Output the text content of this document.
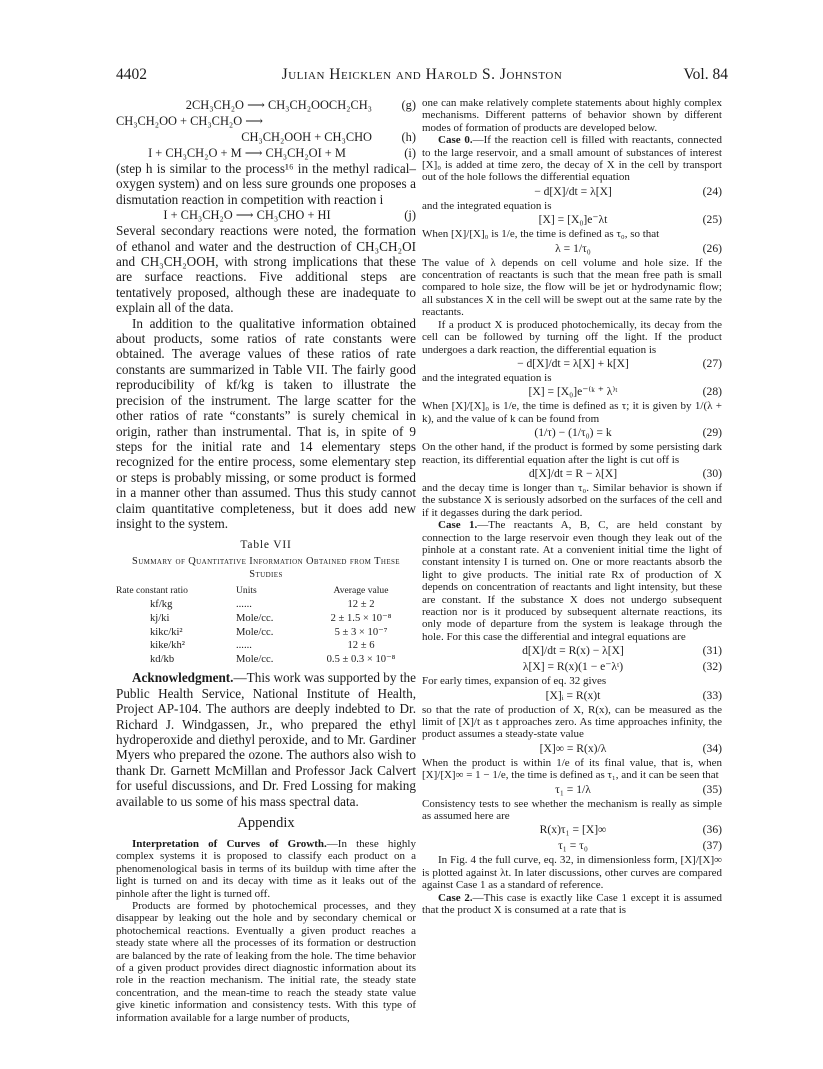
4402	Julian Heicklen and Harold S. Johnston	Vol. 84
2CH₃CH₂O ⟶ CH₃CH₂OOCH₂CH₃	(g)
CH₃CH₂OO + CH₃CH₂O ⟶
CH₃CH₂OOH + CH₃CHO	(h)
I + CH₃CH₂O + M ⟶ CH₃CH₂OI + M	(i)

(step h is similar to the process¹⁶ in the methyl radical–oxygen system) and on less sure grounds one proposes a dismutation reaction in competition with reaction i

I + CH₃CH₂O ⟶ CH₃CHO + HI	(j)

Several secondary reactions were noted, the formation of ethanol and water and the destruction of CH₃CH₂OI and CH₃CH₂OOH, with strong implications that these are surface reactions. Five additional steps are tentatively proposed, although these are inadequate to explain all of the data.

In addition to the qualitative information obtained about products, some ratios of rate constants were obtained. The average values of these ratios of rate constants are summarized in Table VII. The fairly good reproducibility of kf/kg is taken to illustrate the precision of the instrument. The large scatter for the other ratios of rate “constants” is surely chemical in origin, rather than instrumental. That is, in spite of 9 steps for the initial rate and 14 elementary steps recognized for the entire process, some elementary step or steps is probably missing, or some product is formed in a manner other than assumed. Thus this study cannot claim quantitative completeness, but it does add new insight to the system.

Table VII
Summary of Quantitative Information Obtained from These Studies
Rate constant ratio	Units	Average value
kf/kg	......	12 ± 2
kj/ki	Mole/cc.	2 ± 1.5 × 10⁻⁸
kikc/ki²	Mole/cc.	5 ± 3 × 10⁻⁷
kike/kh²	......	12 ± 6
kd/kb	Mole/cc.	0.5 ± 0.3 × 10⁻⁸

Acknowledgment.—This work was supported by the Public Health Service, National Institute of Health, Project AP-104. The authors are deeply indebted to Dr. Richard J. Windgassen, Jr., who prepared the ethyl hydroperoxide and diethyl peroxide, and to Mr. Gardiner Myers who prepared the ozone. The authors also wish to thank Dr. Garnett McMillan and Professor Jack Calvert for useful discussions, and Dr. Fred Lossing for making available to us some of his mass spectral data.

Appendix

Interpretation of Curves of Growth.—In these highly complex systems it is proposed to classify each product on a phenomenological basis in terms of its buildup with time after the light is turned on and its decay with time as it leaks out of the pinhole after the light is turned off.

Products are formed by photochemical processes, and they disappear by leaking out the hole and by secondary chemical or photochemical reactions. Eventually a given product reaches a steady state where all the processes of its formation or destruction are balanced by the rate of leaking from the hole. The time behavior of a given product provides direct diagnostic information about its role in the reaction mechanism. The initial rate, the steady state concentration, and the mean-time to reach the steady state value give kinetic information and consistency tests. With this type of information available for a large number of products,

one can make relatively complete statements about highly complex mechanisms. Different patterns of behavior shown by different modes of formation of products are developed below.

Case 0.—If the reaction cell is filled with reactants, connected to the large reservoir, and a small amount of substances of interest [X]₀ is added at time zero, the decay of X in the cell by transport out of the hole follows the differential equation

− d[X]/dt = λ[X]	(24)

and the integrated equation is

[X] = [X₀]e⁻λt	(25)

When [X]/[X]₀ is 1/e, the time is defined as τ₀, so that

λ = 1/τ₀	(26)

The value of λ depends on cell volume and hole size. If the concentration of reactants is such that the mean free path is small compared to hole size, the flow will be jet or hydrodynamic flow; all substances X in the cell will be swept out at the same rate by the reactants.

If a product X is produced photochemically, its decay from the cell can be followed by turning off the light. If the product undergoes a dark reaction, the differential equation is

− d[X]/dt = λ[X] + k[X]	(27)

and the integrated equation is

[X] = [X₀]e⁻⁽ᵏ ⁺ λ⁾ᵗ	(28)

When [X]/[X]₀ is 1/e, the time is defined as τ; it is given by 1/(λ + k), and the value of k can be found from

(1/τ) − (1/τ₀) = k	(29)

On the other hand, if the product is formed by some persisting dark reaction, its differential equation after the light is cut off is

d[X]/dt = R − λ[X]	(30)

and the decay time is longer than τ₀. Similar behavior is shown if the substance X is seriously adsorbed on the surfaces of the cell and if it degasses during the dark period.

Case 1.—The reactants A, B, C, are held constant by connection to the large reservoir even though they leak out of the pinhole at a constant rate. At a convenient initial time the light of constant intensity I is turned on. One or more reactants absorb the light to give products. The initial rate Rx of production of X depends on concentration of reactants and light intensity, but these are constant. If the substance X does not undergo subsequent reaction nor is it produced by subsequent alternate reactions, its only mode of departure from the system is leakage through the hole. For this case the differential and integral equations are

d[X]/dt = R(x) − λ[X]	(31)
λ[X] = R(x)(1 − e⁻λᵗ)	(32)

For early times, expansion of eq. 32 gives

[X]ᵢ = R(x)t	(33)

so that the rate of production of X, R(x), can be measured as the limit of [X]/t as t approaches zero. As time approaches infinity, the product assumes a steady-state value

[X]∞ = R(x)/λ	(34)

When the product is within 1/e of its final value, that is, when [X]/[X]∞ = 1 − 1/e, the time is defined as τ₁, and it can be seen that

τ₁ = 1/λ	(35)

Consistency tests to see whether the mechanism is really as simple as assumed here are

R(x)τ₁ = [X]∞	(36)
τ₁ = τ₀	(37)

In Fig. 4 the full curve, eq. 32, in dimensionless form, [X]/[X]∞ is plotted against λt. In later discussions, other curves are compared against Case 1 as a standard of reference.

Case 2.—This case is exactly like Case 1 except it is assumed that the product X is consumed at a rate that is
